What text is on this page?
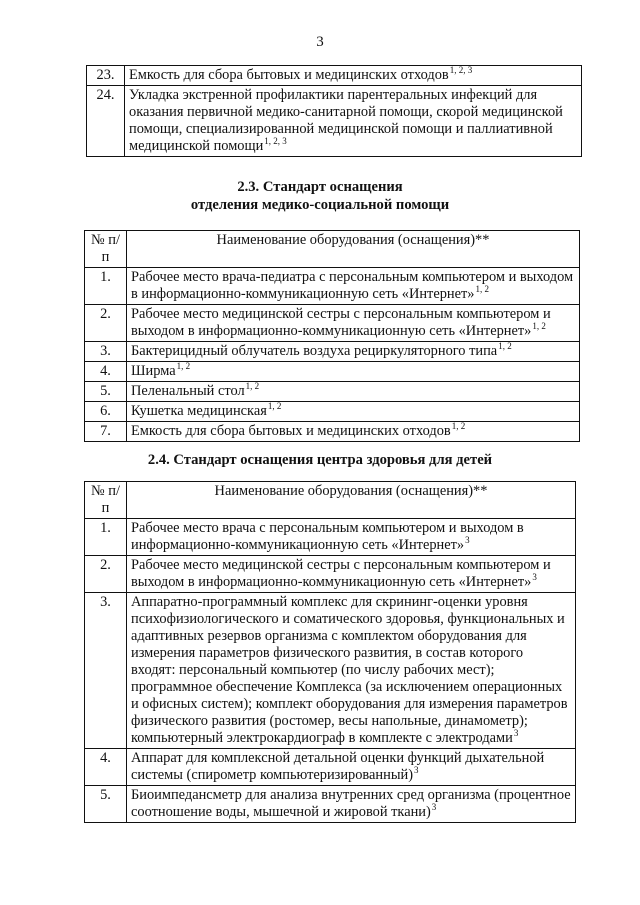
3
23.	Емкость для сбора бытовых и медицинских отходов$^{1, 2, 3}$
24.	Укладка экстренной профилактики парентеральных инфекций для оказания первичной медико-санитарной помощи, скорой медицинской помощи, специализированной медицинской помощи и паллиативной медицинской помощи$^{1, 2, 3}$
2.3. Стандарт оснащения
отделения медико-социальной помощи
№ п/п	Наименование оборудования (оснащения)**
1.	Рабочее место врача-педиатра с персональным компьютером и выходом в информационно-коммуникационную сеть «Интернет»$^{1, 2}$
2.	Рабочее место медицинской сестры с персональным компьютером и выходом в информационно-коммуникационную сеть «Интернет»$^{1, 2}$
3.	Бактерицидный облучатель воздуха рециркуляторного типа$^{1, 2}$
4.	Ширма$^{1, 2}$
5.	Пеленальный стол$^{1, 2}$
6.	Кушетка медицинская$^{1, 2}$
7.	Емкость для сбора бытовых и медицинских отходов$^{1, 2}$
2.4. Стандарт оснащения центра здоровья для детей
№ п/п	Наименование оборудования (оснащения)**
1.	Рабочее место врача с персональным компьютером и выходом в информационно-коммуникационную сеть «Интернет»$^3$
2.	Рабочее место медицинской сестры с персональным компьютером и выходом в информационно-коммуникационную сеть «Интернет»$^3$
3.	Аппаратно-программный комплекс для скрининг-оценки уровня психофизиологического и соматического здоровья, функциональных и адаптивных резервов организма с комплектом оборудования для измерения параметров физического развития, в состав которого входят: персональный компьютер (по числу рабочих мест); программное обеспечение Комплекса (за исключением операционных и офисных систем); комплект оборудования для измерения параметров физического развития (ростомер, весы напольные, динамометр); компьютерный электрокардиограф в комплекте с электродами$^3$
4.	Аппарат для комплексной детальной оценки функций дыхательной системы (спирометр компьютеризированный)$^3$
5.	Биоимпедансметр для анализа внутренних сред организма (процентное соотношение воды, мышечной и жировой ткани)$^3$
